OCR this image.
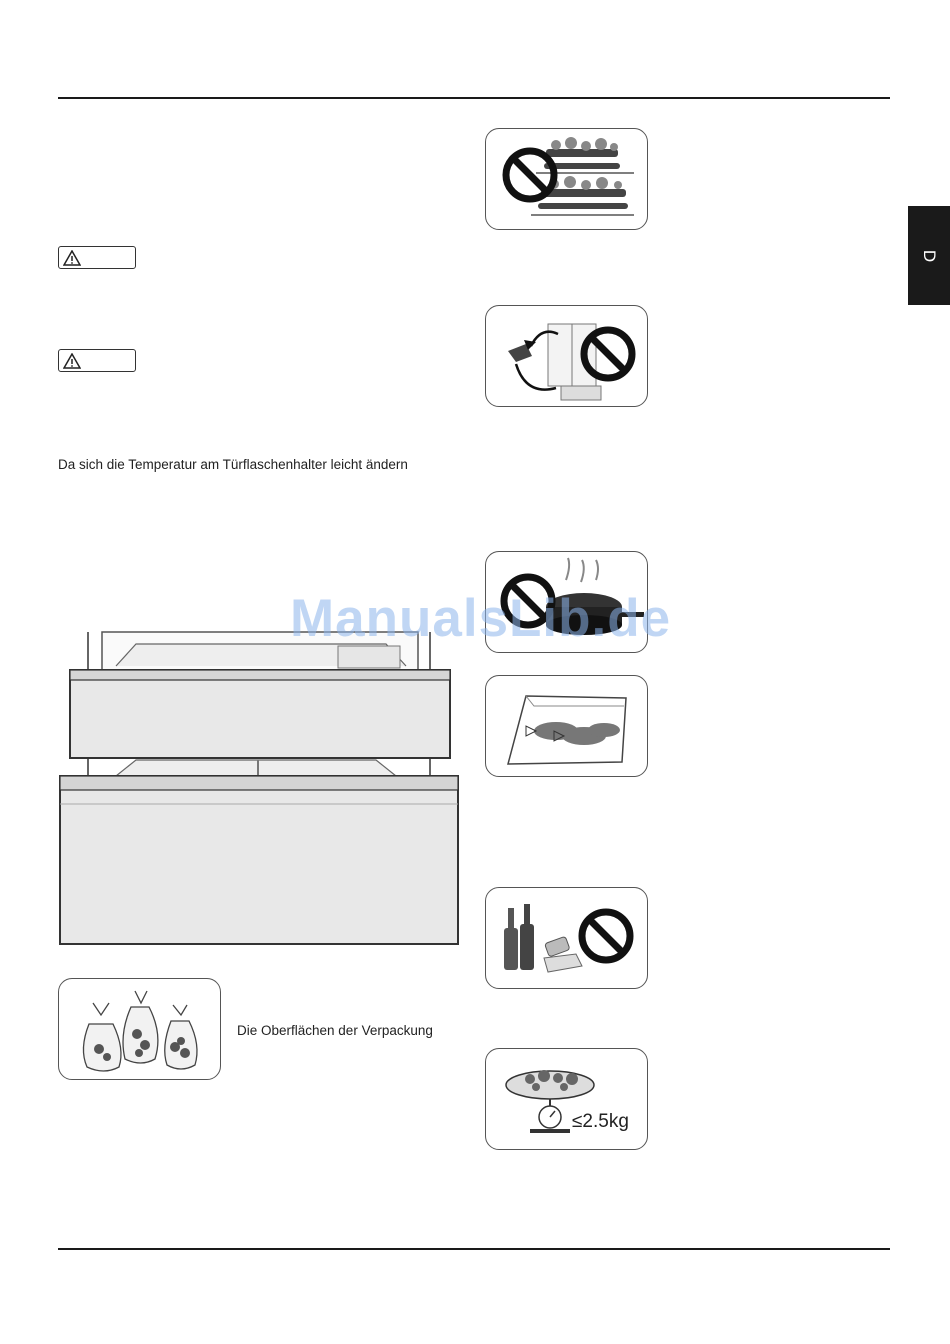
D
Da sich die Temperatur am Türflaschenhalter leicht ändern
Die Oberflächen der Verpackung
≤2.5kg
ManualsLib.de
